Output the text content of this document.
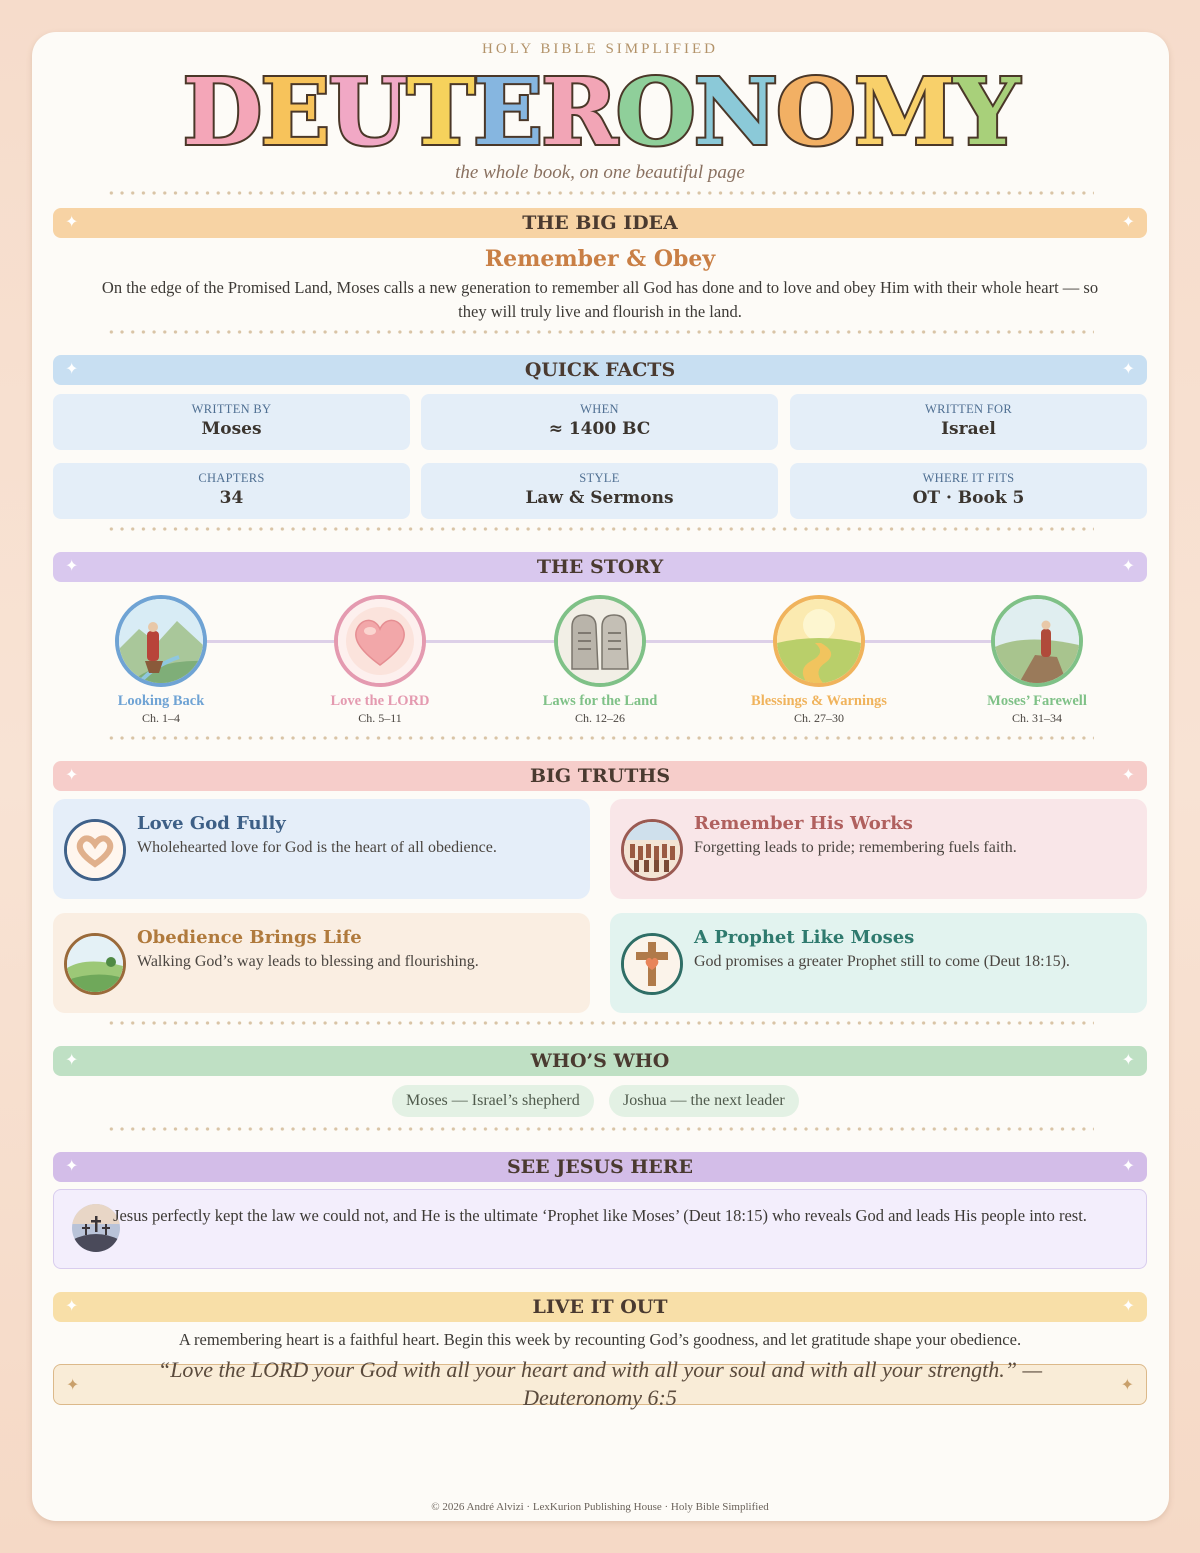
HOLY BIBLE SIMPLIFIED
D E U T E R O N O M Y
the whole book, on one beautiful page
✦	THE BIG IDEA	✦
Remember & Obey
On the edge of the Promised Land, Moses calls a new generation to remember all God has done and to love and obey Him with their whole heart — so they will truly live and flourish in the land.
✦	QUICK FACTS	✦
WRITTEN BY
Moses
WHEN
≈ 1400 BC
WRITTEN FOR
Israel
CHAPTERS
34
STYLE
Law & Sermons
WHERE IT FITS
OT · Book 5
✦	THE STORY	✦
Looking Back
Ch. 1–4
Love the LORD
Ch. 5–11
Laws for the Land
Ch. 12–26
Blessings & Warnings
Ch. 27–30
Moses’ Farewell
Ch. 31–34
✦	BIG TRUTHS	✦
Love God Fully
Wholehearted love for God is the heart of all obedience.
Remember His Works
Forgetting leads to pride; remembering fuels faith.
Obedience Brings Life
Walking God’s way leads to blessing and flourishing.
A Prophet Like Moses
God promises a greater Prophet still to come (Deut 18:15).
✦	WHO’S WHO	✦
Moses — Israel’s shepherd	Joshua — the next leader
✦	SEE JESUS HERE	✦
Jesus perfectly kept the law we could not, and He is the ultimate ‘Prophet like Moses’ (Deut 18:15) who reveals God and leads His people into rest.
✦	LIVE IT OUT	✦
A remembering heart is a faithful heart. Begin this week by recounting God’s goodness, and let gratitude shape your obedience.
✦	✦
“Love the LORD your God with all your heart and with all your soul and with all your strength.” — Deuteronomy 6:5
© 2026 André Alvizi · LexKurion Publishing House · Holy Bible Simplified
